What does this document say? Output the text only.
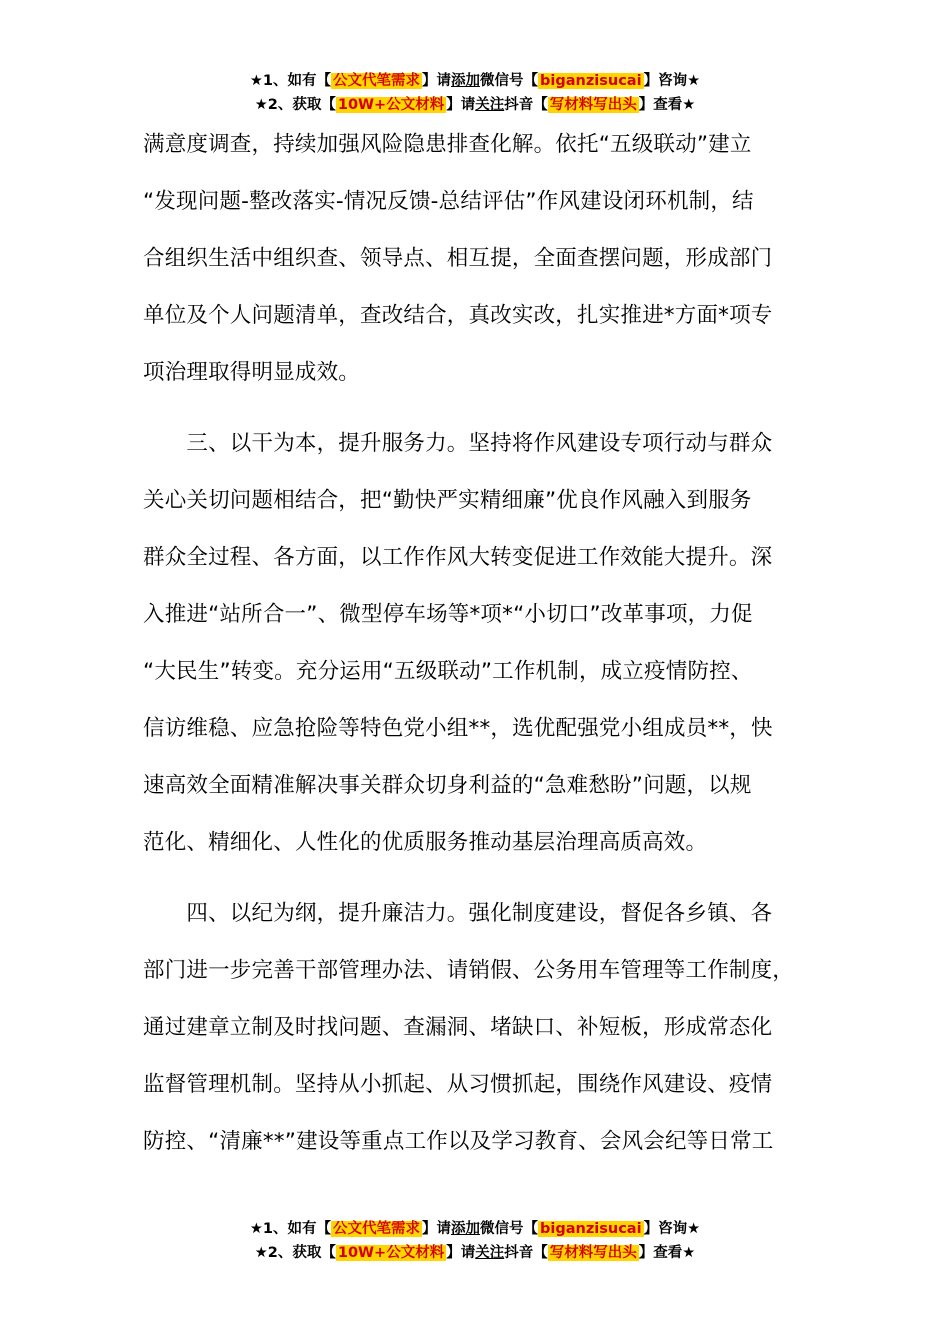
★1、如有【 公文代笔需求 】请添加微信号【 biganzisucai 】咨询★
★2、获取【 10W+公文材料 】请关注抖音【 写材料写出头 】查看★
满意度调查，持续加强风险隐患排查化解。依托“五级联动”建立
“发现问题-整改落实-情况反馈-总结评估”作风建设闭环机制，结
合组织生活中组织查、领导点、相互提，全面查摆问题，形成部门
单位及个人问题清单，查改结合，真改实改，扎实推进*方面*项专
项治理取得明显成效。
　　三、以干为本，提升服务力。坚持将作风建设专项行动与群众
关心关切问题相结合，把“勤快严实精细廉”优良作风融入到服务
群众全过程、各方面，以工作作风大转变促进工作效能大提升。深
入推进“站所合一”、微型停车场等*项*“小切口”改革事项，力促
“大民生”转变。充分运用“五级联动”工作机制，成立疫情防控、
信访维稳、应急抢险等特色党小组**，选优配强党小组成员**，快
速高效全面精准解决事关群众切身利益的“急难愁盼”问题，以规
范化、精细化、人性化的优质服务推动基层治理高质高效。
　　四、以纪为纲，提升廉洁力。强化制度建设，督促各乡镇、各
部门进一步完善干部管理办法、请销假、公务用车管理等工作制度，
通过建章立制及时找问题、查漏洞、堵缺口、补短板，形成常态化
监督管理机制。坚持从小抓起、从习惯抓起，围绕作风建设、疫情
防控、“清廉**”建设等重点工作以及学习教育、会风会纪等日常工
★1、如有【 公文代笔需求 】请添加微信号【 biganzisucai 】咨询★
★2、获取【 10W+公文材料 】请关注抖音【 写材料写出头 】查看★
